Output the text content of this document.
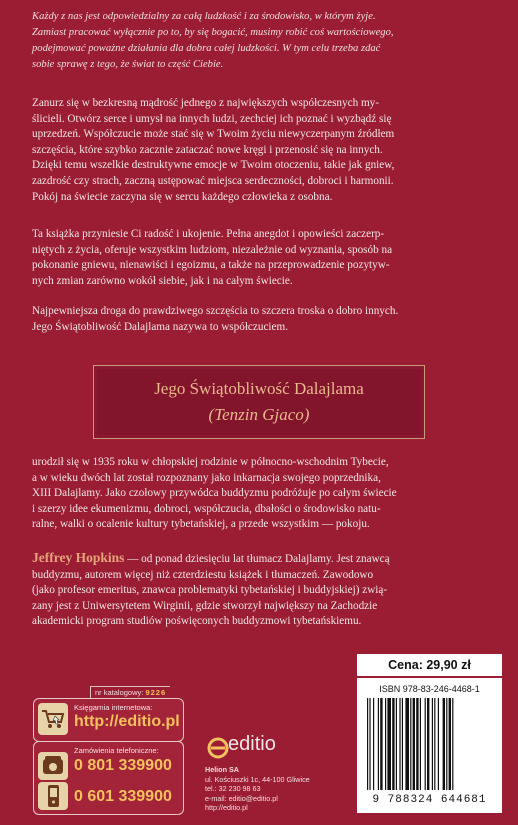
Każdy z nas jest odpowiedzialny za całą ludzkość i za środowisko, w którym żyje.

Zamiast pracować wyłącznie po to, by się bogacić, musimy robić coś wartościowego,

podejmować poważne działania dla dobra całej ludzkości. W tym celu trzeba zdać

sobie sprawę z tego, że świat to część Ciebie.

Zanurz się w bezkresną mądrość jednego z największych współczesnych my-

ślicieli. Otwórz serce i umysł na innych ludzi, zechciej ich poznać i wyzbądź się

uprzedzeń. Współczucie może stać się w Twoim życiu niewyczerpanym źródłem

szczęścia, które szybko zacznie zataczać nowe kręgi i przenosić się na innych.

Dzięki temu wszelkie destruktywne emocje w Twoim otoczeniu, takie jak gniew,

zazdrość czy strach, zaczną ustępować miejsca serdeczności, dobroci i harmonii.

Pokój na świecie zaczyna się w sercu każdego człowieka z osobna.

Ta książka przyniesie Ci radość i ukojenie. Pełna anegdot i opowieści zaczerp-

niętych z życia, oferuje wszystkim ludziom, niezależnie od wyznania, sposób na

pokonanie gniewu, nienawiści i egoizmu, a także na przeprowadzenie pozytyw-

nych zmian zarówno wokół siebie, jak i na całym świecie.

Najpewniejsza droga do prawdziwego szczęścia to szczera troska o dobro innych.

Jego Świątobliwość Dalajlama nazywa to współczuciem.

Jego Świątobliwość Dalajlama
(Tenzin Gjaco)

urodził się w 1935 roku w chłopskiej rodzinie w północno-wschodnim Tybecie,

a w wieku dwóch lat został rozpoznany jako inkarnacja swojego poprzednika,

XIII Dalajlamy. Jako czołowy przywódca buddyzmu podróżuje po całym świecie

i szerzy idee ekumenizmu, dobroci, współczucia, dbałości o środowisko natu-

ralne, walki o ocalenie kultury tybetańskiej, a przede wszystkim — pokoju.

Jeffrey Hopkins — od ponad dziesięciu lat tłumacz Dalajlamy. Jest znawcą

buddyzmu, autorem więcej niż czterdziestu książek i tłumaczeń. Zawodowo

(jako profesor emeritus, znawca problematyki tybetańskiej i buddyjskiej) zwią-

zany jest z Uniwersytetem Wirginii, gdzie stworzył największy na Zachodzie

akademicki program studiów poświęconych buddyzmowi tybetańskiemu.

nr katalogowy: 9226
Księgarnia internetowa:
http://editio.pl
Zamówienia telefoniczne:
0 801 339900
0 601 339900
editio
Helion SA
ul. Kościuszki 1c, 44-100 Gliwice
tel.: 32 230 98 63
e-mail: editio@editio.pl
http://editio.pl
Cena: 29,90 zł
ISBN 978-83-246-4468-1
9 788324 644681
